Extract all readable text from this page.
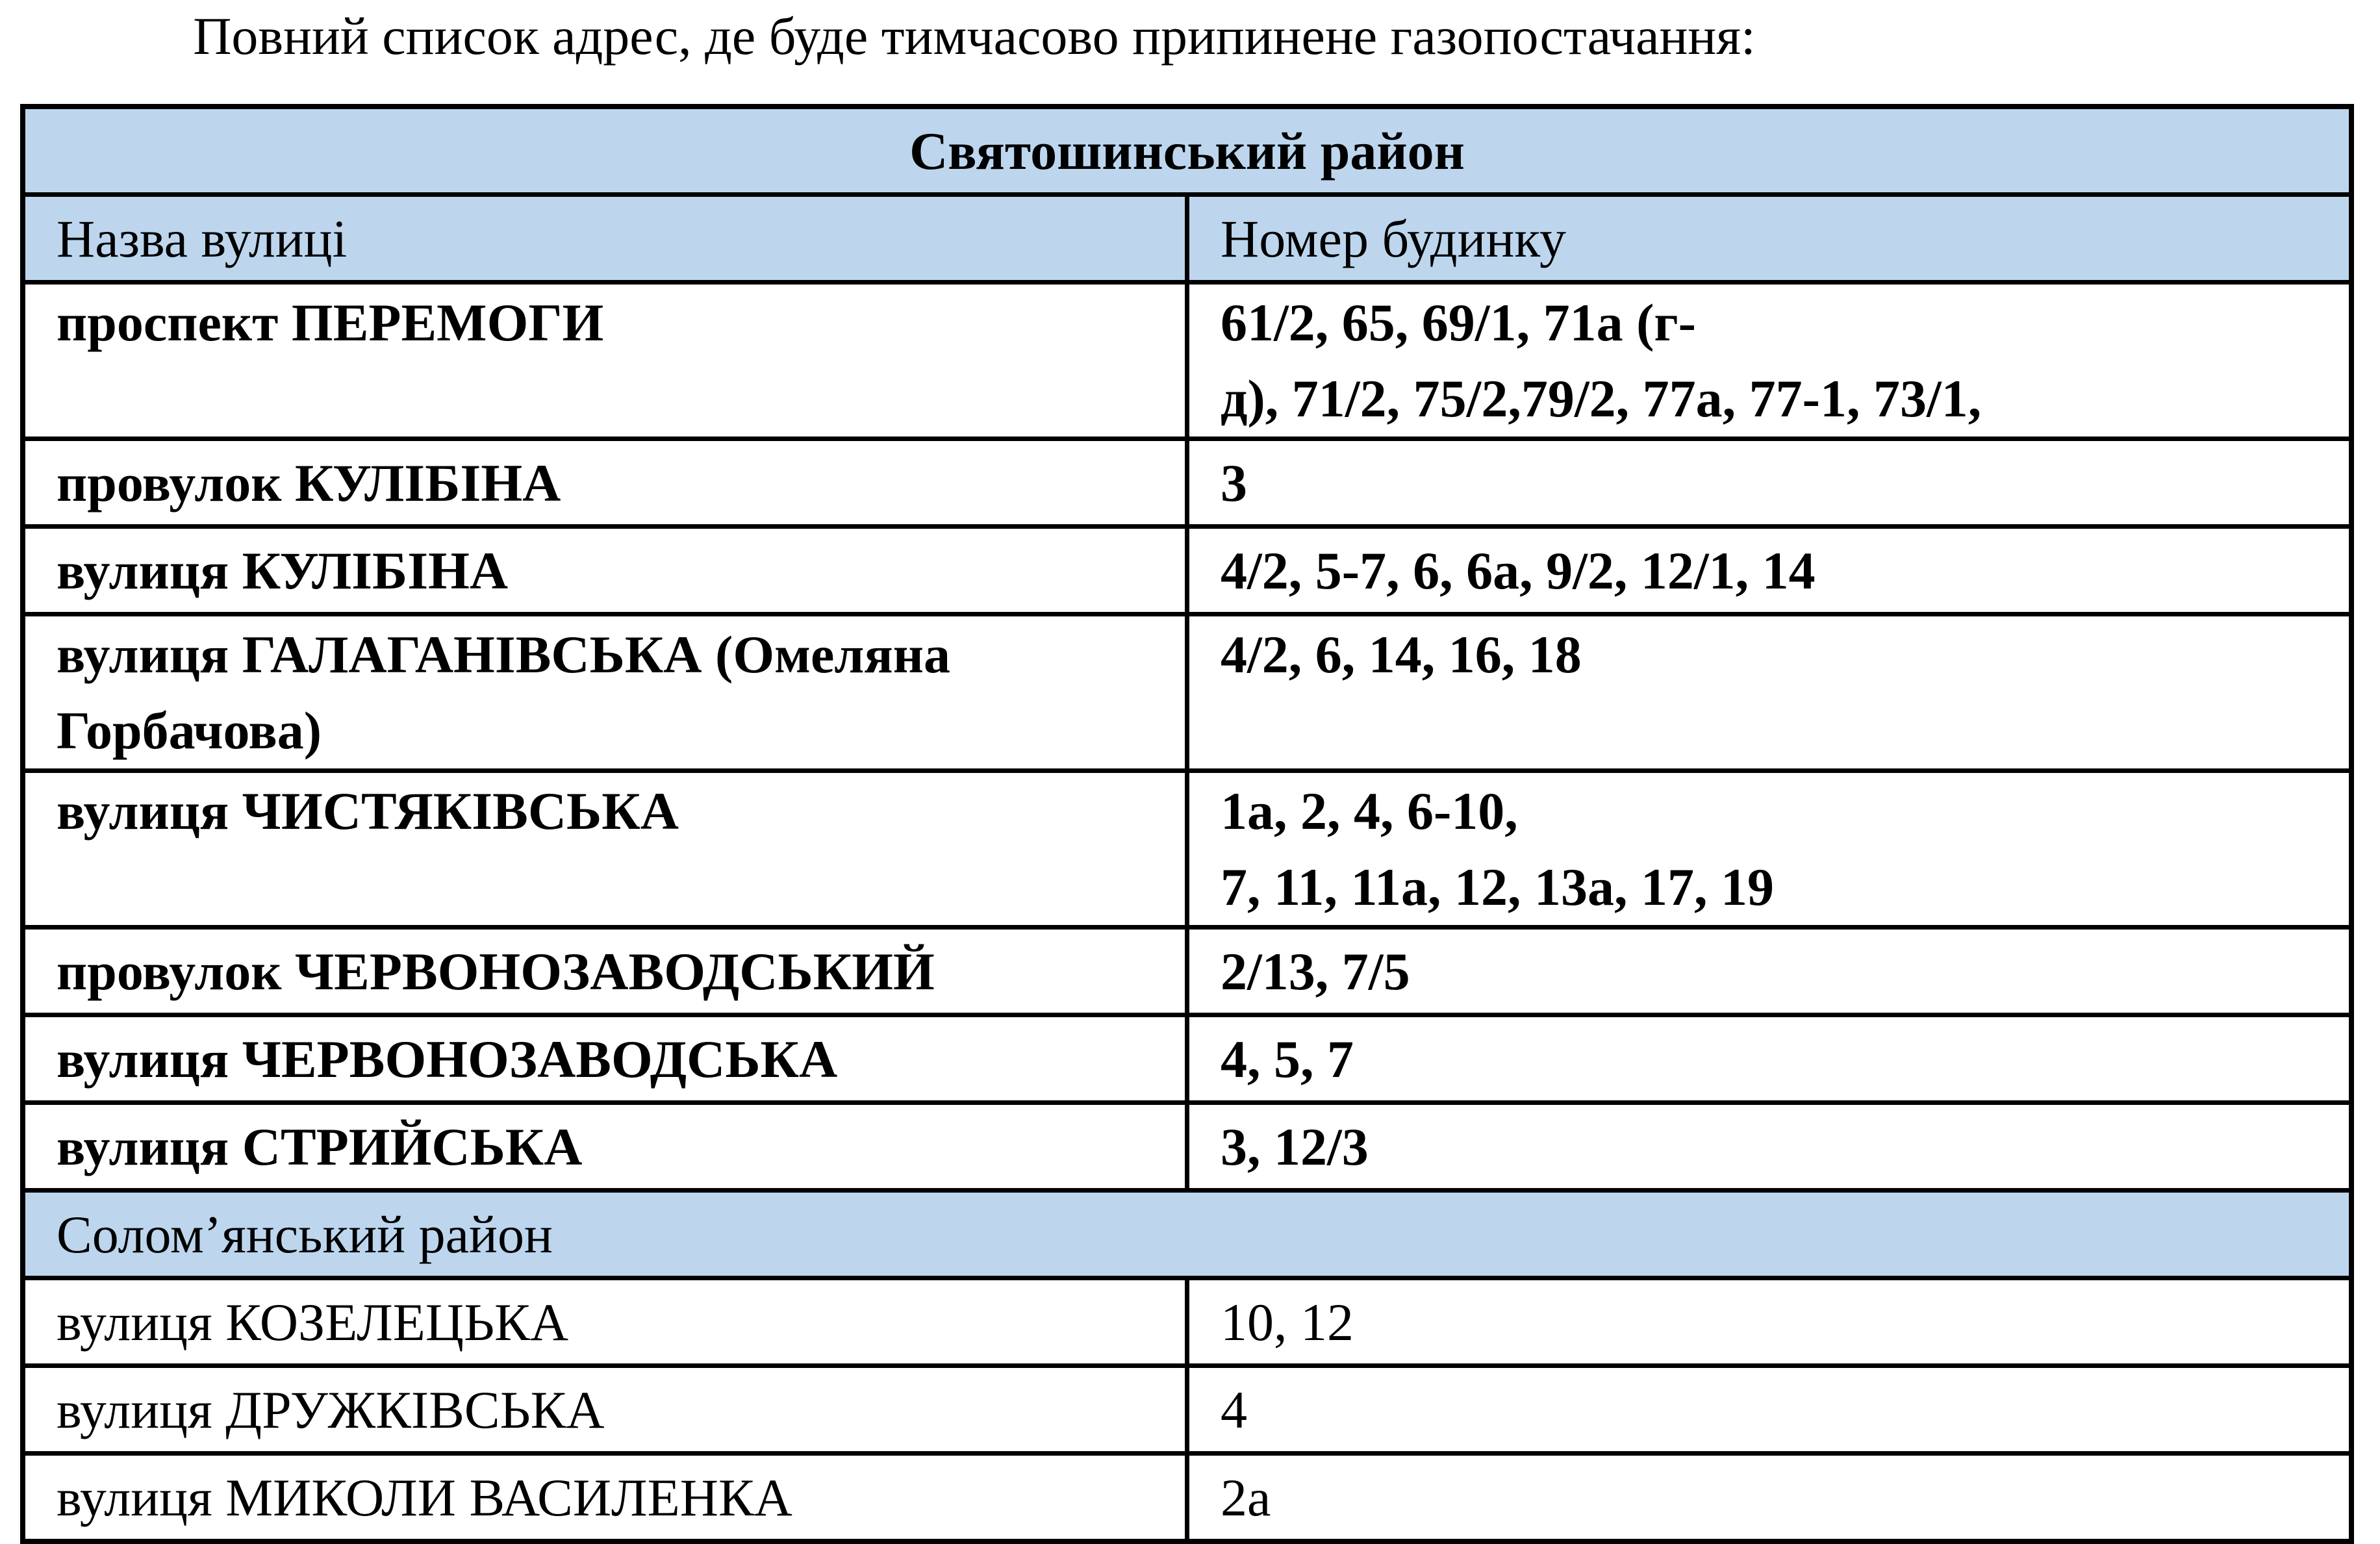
Повний список адрес, де буде тимчасово припинене газопостачання:
Святошинський район	
Назва вулиці	Номер будинку

проспект ПЕРЕМОГИ	61/2, 65, 69/1, 71а (г-
д), 71/2, 75/2,79/2, 77а, 77-1, 73/1,

провулок КУЛІБІНА	3
вулиця КУЛІБІНА	4/2, 5-7, 6, 6а, 9/2, 12/1, 14

вулиця ГАЛАГАНІВСЬКА (Омеляна
Горбачова)	4/2, 6, 14, 16, 18

вулиця ЧИСТЯКІВСЬКА	1а, 2, 4, 6-10,
7, 11, 11а, 12, 13а, 17, 19

провулок ЧЕРВОНОЗАВОДСЬКИЙ	2/13, 7/5
вулиця ЧЕРВОНОЗАВОДСЬКА	4, 5, 7
вулиця СТРИЙСЬКА	3, 12/3
Солом’янський район	
вулиця КОЗЕЛЕЦЬКА	10, 12
вулиця ДРУЖКІВСЬКА	4
вулиця МИКОЛИ ВАСИЛЕНКА	2а
